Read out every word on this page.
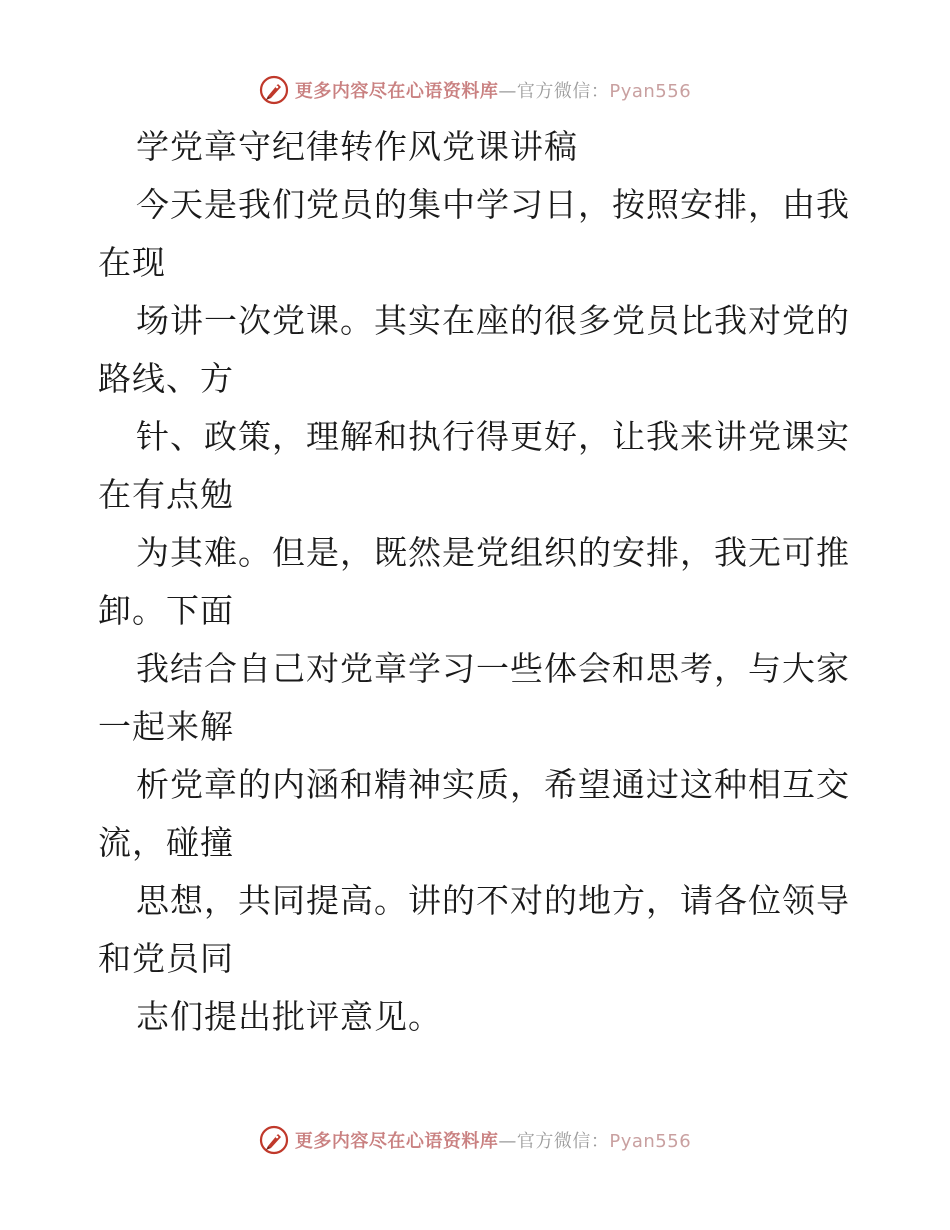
更多内容尽在心语资料库—官方微信：Pyan556
学党章守纪律转作风党课讲稿
今天是我们党员的集中学习日，按照安排，由我
在现
场讲一次党课。其实在座的很多党员比我对党的
路线、方
针、政策，理解和执行得更好，让我来讲党课实
在有点勉
为其难。但是，既然是党组织的安排，我无可推
卸。下面
我结合自己对党章学习一些体会和思考，与大家
一起来解
析党章的内涵和精神实质，希望通过这种相互交
流，碰撞
思想，共同提高。讲的不对的地方，请各位领导
和党员同
志们提出批评意见。
更多内容尽在心语资料库—官方微信：Pyan556
